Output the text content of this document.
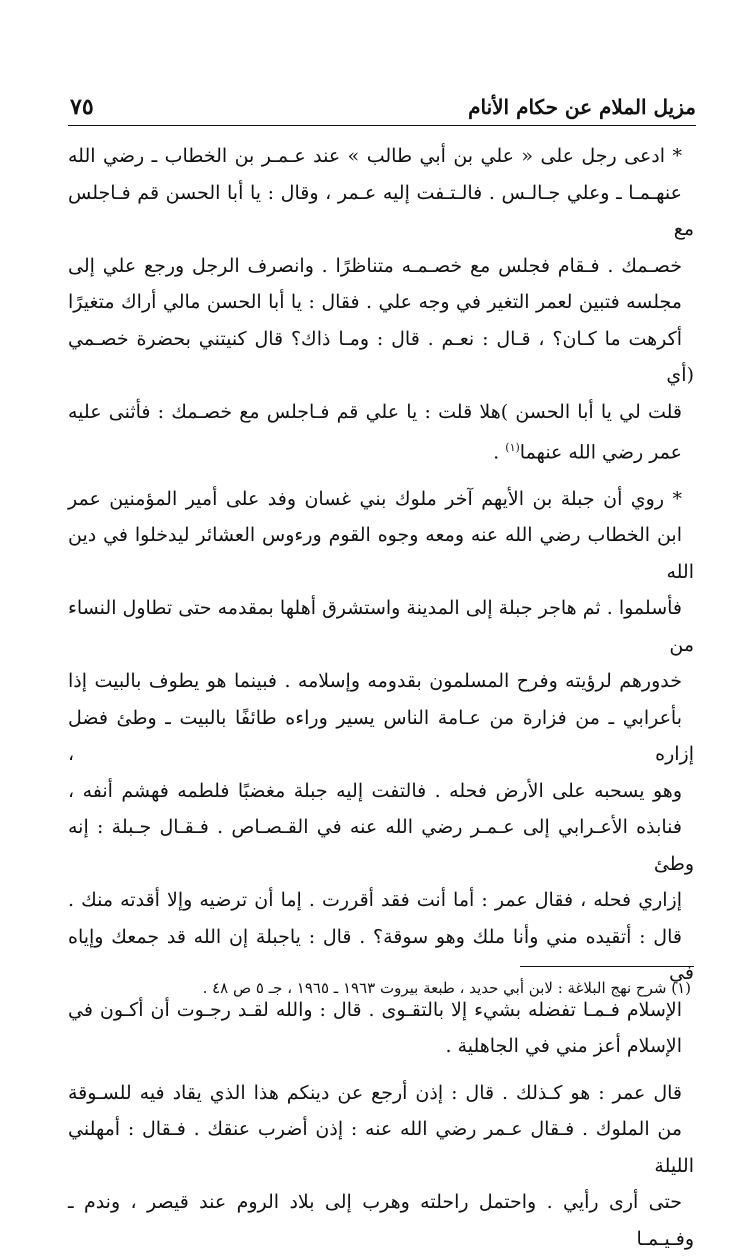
٧٥	مزيل الملام عن حكام الأنام
* ادعى رجل على « علي بن أبي طالب » عند عـمـر بن الخطاب ـ رضي الله
عنهـمـا ـ وعلي جـالـس . فالـتـفت إليه عـمر ، وقال : يا أبا الحسن قم فـاجلس مع
خصـمك . فـقام فجلس مع خصـمـه متناظرًا . وانصرف الرجل ورجع علي إلى
مجلسه فتبين لعمر التغير في وجه علي . فقال : يا أبا الحسن مالي أراك متغيرًا
أكرهت ما كـان؟ ، قـال : نعـم . قال : ومـا ذاك؟ قال كنيتني بحضرة خصـمي (أي
قلت لي يا أبا الحسن )هلا قلت : يا علي قم فـاجلس مع خصـمك : فأثنى عليه
عمر رضي الله عنهما$^{(١)}$ .
* روي أن جبلة بن الأيهم آخر ملوك بني غسان وفد على أمير المؤمنين عمر
ابن الخطاب رضي الله عنه ومعه وجوه القوم ورءوس العشائر ليدخلوا في دين الله
فأسلموا . ثم هاجر جبلة إلى المدينة واستشرق أهلها بمقدمه حتى تطاول النساء من
خدورهم لرؤيته وفرح المسلمون بقدومه وإسلامه . فبينما هو يطوف بالبيت إذا
بأعرابي ـ من فزارة من عـامة الناس يسير وراءه طائفًا بالبيت ـ وطئ فضل إزاره ،
وهو يسحبه على الأرض فحله . فالتفت إليه جبلة مغضبًا فلطمه فهشم أنفه ،
فنابذه الأعـرابي إلى عـمـر رضي الله عنه في القـصـاص . فـقـال جـبلة : إنه وطئ
إزاري فحله ، فقال عمر : أما أنت فقد أقررت . إما أن ترضيه وإلا أقدته منك .
قال : أتقيده مني وأنا ملك وهو سوقة؟ . قال : ياجبلة إن الله قد جمعك وإياه في
الإسلام فـمـا تفضله بشيء إلا بالتقـوى . قال : والله لقـد رجـوت أن أكـون في
الإسلام أعز مني في الجاهلية .
قال عمر : هو كـذلك . قال : إذن أرجع عن دينكم هذا الذي يقاد فيه للسـوقة
من الملوك . فـقال عـمر رضي الله عنه : إذن أضرب عنقك . فـقال : أمهلني الليلة
حتى أرى رأيي . واحتمل راحلته وهرب إلى بلاد الروم عند قيصر ، وندم ـ وفـيـمـا
(١) شرح نهج البلاغة : لابن أبي حديد ، طبعة بيروت ١٩٦٣ ـ ١٩٦٥ ، جـ ٥ ص ٤٨ .
